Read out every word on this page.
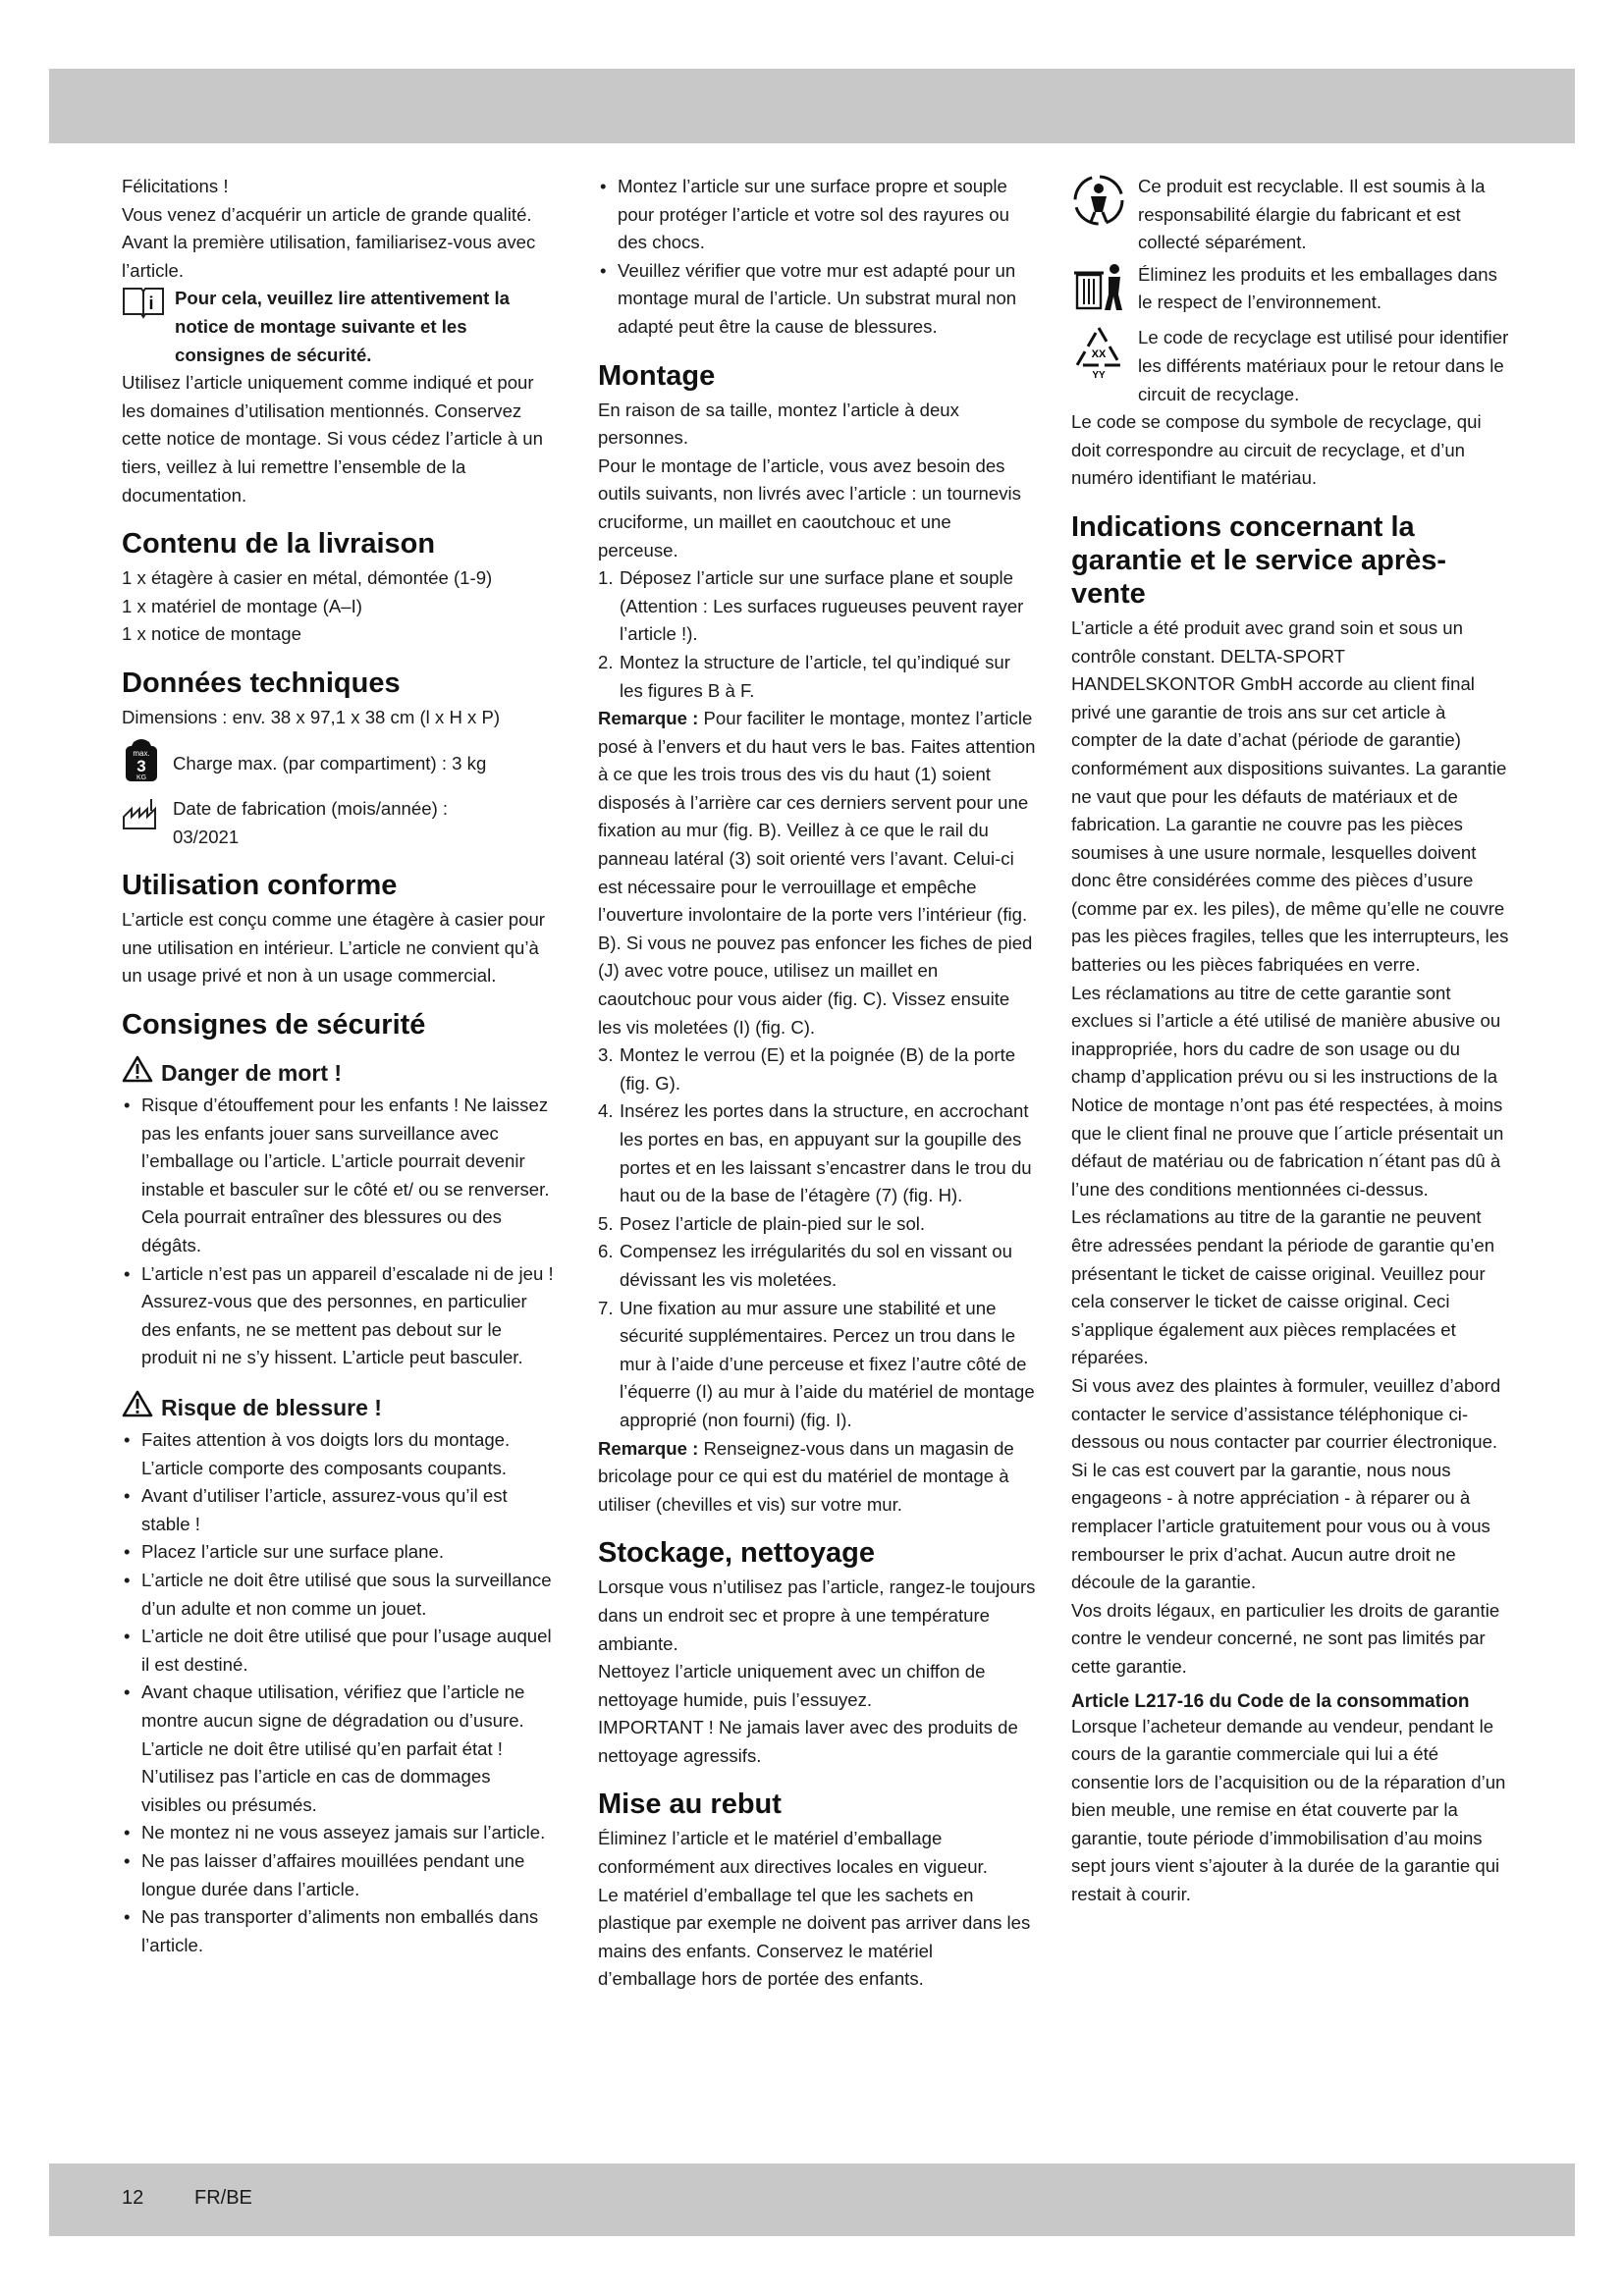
Félicitations !

Vous venez d’acquérir un article de grande qualité. Avant la première utilisation, familiarisez-vous avec l’article.

i Pour cela, veuillez lire attentivement la notice de montage suivante et les consignes de sécurité.

Utilisez l’article uniquement comme indiqué et pour les domaines d’utilisation mentionnés. Conservez cette notice de montage. Si vous cédez l’article à un tiers, veillez à lui remettre l’ensemble de la documentation.

Contenu de la livraison

1 x étagère à casier en métal, démontée (1-9)

1 x matériel de montage (A–I)

1 x notice de montage

Données techniques

Dimensions : env. 38 x 97,1 x 38 cm (l x H x P)

max.
3
KG

Charge max. (par compartiment) : 3 kg

Date de fabrication (mois/année) :

03/2021

Utilisation conforme

L’article est conçu comme une étagère à casier pour une utilisation en intérieur. L’article ne convient qu’à un usage privé et non à un usage commercial.

Consignes de sécurité
Danger de mort !
• Risque d’étouffement pour les enfants ! Ne laissez pas les enfants jouer sans surveillance avec l’emballage ou l’article. L’article pourrait devenir instable et basculer sur le côté et/ ou se renverser. Cela pourrait entraîner des blessures ou des dégâts.
• L’article n’est pas un appareil d’escalade ni de jeu ! Assurez-vous que des personnes, en particulier des enfants, ne se mettent pas debout sur le produit ni ne s’y hissent. L’article peut basculer.
Risque de blessure !
• Faites attention à vos doigts lors du montage. L’article comporte des composants coupants.
• Avant d’utiliser l’article, assurez-vous qu’il est stable !
• Placez l’article sur une surface plane.
• L’article ne doit être utilisé que sous la surveillance d’un adulte et non comme un jouet.
• L’article ne doit être utilisé que pour l’usage auquel il est destiné.
• Avant chaque utilisation, vérifiez que l’article ne montre aucun signe de dégradation ou d’usure. L’article ne doit être utilisé qu’en parfait état ! N’utilisez pas l’article en cas de dommages visibles ou présumés.
• Ne montez ni ne vous asseyez jamais sur l’article.
• Ne pas laisser d’affaires mouillées pendant une longue durée dans l’article.
• Ne pas transporter d’aliments non emballés dans l’article.
• Montez l’article sur une surface propre et souple pour protéger l’article et votre sol des rayures ou des chocs.
• Veuillez vérifier que votre mur est adapté pour un montage mural de l’article. Un substrat mural non adapté peut être la cause de blessures.
Montage

En raison de sa taille, montez l’article à deux personnes.

Pour le montage de l’article, vous avez besoin des outils suivants, non livrés avec l’article : un tournevis cruciforme, un maillet en caoutchouc et une perceuse.

1. Déposez l’article sur une surface plane et souple (Attention : Les surfaces rugueuses peuvent rayer l’article !).
2. Montez la structure de l’article, tel qu’indiqué sur les figures B à F.

Remarque : Pour faciliter le montage, montez l’article posé à l’envers et du haut vers le bas. Faites attention à ce que les trois trous des vis du haut (1) soient disposés à l’arrière car ces derniers servent pour une fixation au mur (fig. B). Veillez à ce que le rail du panneau latéral (3) soit orienté vers l’avant. Celui-ci est nécessaire pour le verrouillage et empêche l’ouverture involontaire de la porte vers l’intérieur (fig. B). Si vous ne pouvez pas enfoncer les fiches de pied (J) avec votre pouce, utilisez un maillet en caoutchouc pour vous aider (fig. C). Vissez ensuite les vis moletées (I) (fig. C).

3. Montez le verrou (E) et la poignée (B) de la porte (fig. G).
4. Insérez les portes dans la structure, en accrochant les portes en bas, en appuyant sur la goupille des portes et en les laissant s’encastrer dans le trou du haut ou de la base de l’étagère (7) (fig. H).
5. Posez l’article de plain-pied sur le sol.
6. Compensez les irrégularités du sol en vissant ou dévissant les vis moletées.
7. Une fixation au mur assure une stabilité et une sécurité supplémentaires. Percez un trou dans le mur à l’aide d’une perceuse et fixez l’autre côté de l’équerre (I) au mur à l’aide du matériel de montage approprié (non fourni) (fig. I).

Remarque : Renseignez-vous dans un magasin de bricolage pour ce qui est du matériel de montage à utiliser (chevilles et vis) sur votre mur.

Stockage, nettoyage

Lorsque vous n’utilisez pas l’article, rangez-le toujours dans un endroit sec et propre à une température ambiante.

Nettoyez l’article uniquement avec un chiffon de nettoyage humide, puis l’essuyez.

IMPORTANT ! Ne jamais laver avec des produits de nettoyage agressifs.

Mise au rebut

Éliminez l’article et le matériel d’emballage conformément aux directives locales en vigueur.

Le matériel d’emballage tel que les sachets en plastique par exemple ne doivent pas arriver dans les mains des enfants. Conservez le matériel d’emballage hors de portée des enfants.

Ce produit est recyclable. Il est soumis à la responsabilité élargie du fabricant et est collecté séparément.

Éliminez les produits et les emballages dans le respect de l’environnement.

XX
YY

Le code de recyclage est utilisé pour identifier les différents matériaux pour le retour dans le circuit de recyclage.

Le code se compose du symbole de recyclage, qui doit correspondre au circuit de recyclage, et d’un numéro identifiant le matériau.

Indications concernant la garantie et le service après-vente

L’article a été produit avec grand soin et sous un contrôle constant. DELTA-SPORT HANDELSKONTOR GmbH accorde au client final privé une garantie de trois ans sur cet article à compter de la date d’achat (période de garantie) conformément aux dispositions suivantes. La garantie ne vaut que pour les défauts de matériaux et de fabrication. La garantie ne couvre pas les pièces soumises à une usure normale, lesquelles doivent donc être considérées comme des pièces d’usure (comme par ex. les piles), de même qu’elle ne couvre pas les pièces fragiles, telles que les interrupteurs, les batteries ou les pièces fabriquées en verre.

Les réclamations au titre de cette garantie sont exclues si l’article a été utilisé de manière abusive ou inappropriée, hors du cadre de son usage ou du champ d’application prévu ou si les instructions de la Notice de montage n’ont pas été respectées, à moins que le client final ne prouve que l´article présentait un défaut de matériau ou de fabrication n´étant pas dû à l’une des conditions mentionnées ci-dessus.

Les réclamations au titre de la garantie ne peuvent être adressées pendant la période de garantie qu’en présentant le ticket de caisse original. Veuillez pour cela conserver le ticket de caisse original. Ceci s’applique également aux pièces remplacées et réparées.

Si vous avez des plaintes à formuler, veuillez d’abord contacter le service d’assistance téléphonique ci-dessous ou nous contacter par courrier électronique. Si le cas est couvert par la garantie, nous nous engageons - à notre appréciation - à réparer ou à remplacer l’article gratuitement pour vous ou à vous rembourser le prix d’achat. Aucun autre droit ne découle de la garantie.

Vos droits légaux, en particulier les droits de garantie contre le vendeur concerné, ne sont pas limités par cette garantie.

Article L217-16 du Code de la consommation

Lorsque l’acheteur demande au vendeur, pendant le cours de la garantie commerciale qui lui a été consentie lors de l’acquisition ou de la réparation d’un bien meuble, une remise en état couverte par la garantie, toute période d’immobilisation d’au moins sept jours vient s’ajouter à la durée de la garantie qui restait à courir.

12	FR/BE
